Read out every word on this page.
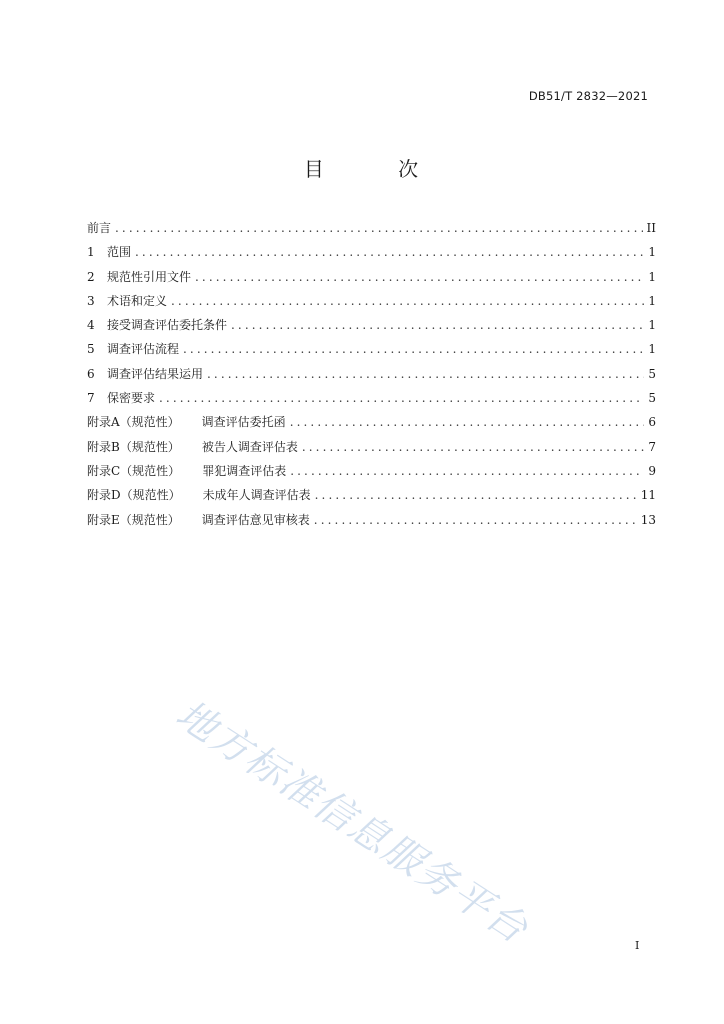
DB51/T 2832—2021
目 次
前言 .....	II
1	范围 .....	1
2	规范性引用文件 .....	1
3	术语和定义 .....	1
4	接受调查评估委托条件 .....	1
5	调查评估流程 .....	1
6	调查评估结果运用 .....	5
7	保密要求 .....	5
附录A（规范性） 调查评估委托函 .....	6
附录B（规范性） 被告人调查评估表 .....	7
附录C（规范性） 罪犯调查评估表 .....	9
附录D（规范性） 未成年人调查评估表 .....	11
附录E（规范性） 调查评估意见审核表 .....	13
地方标准信息服务平台	I
